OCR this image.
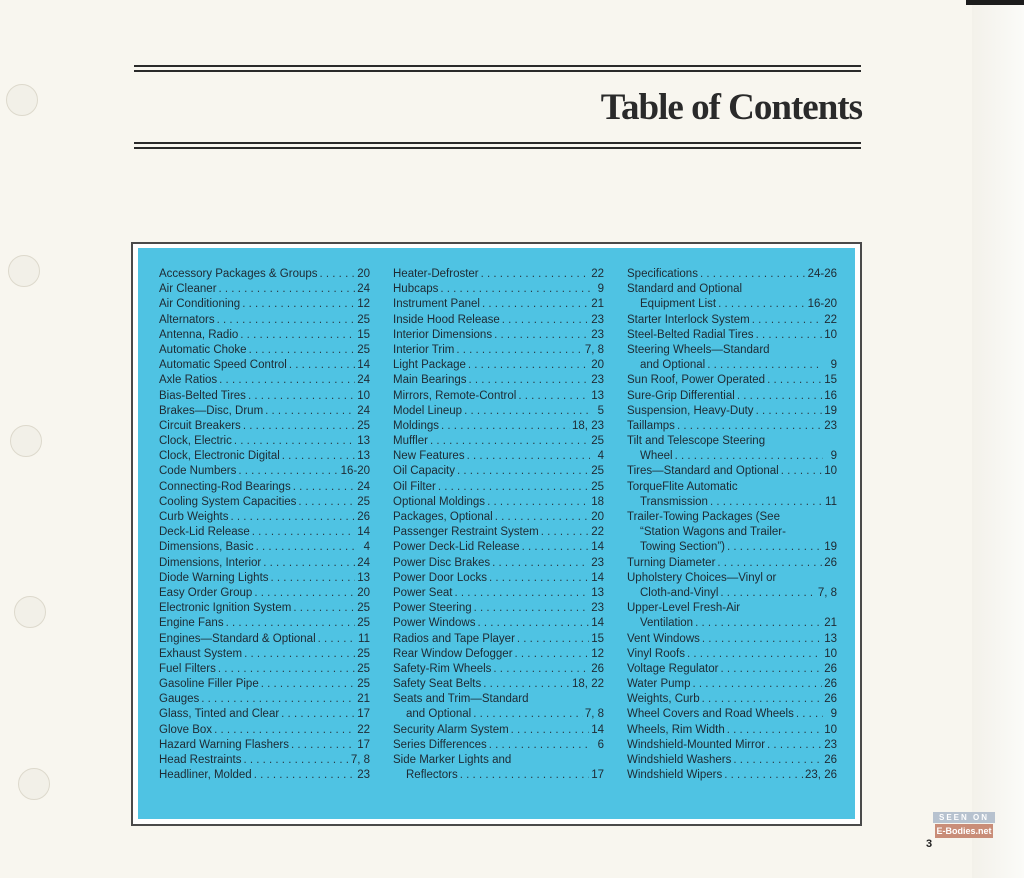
Table of Contents
Accessory Packages & Groups . . .	20
Air Cleaner . . .	24
Air Conditioning . . .	12
Alternators . . .	25
Antenna, Radio . . .	15
Automatic Choke . . .	25
Automatic Speed Control . . .	14
Axle Ratios . . .	24
Bias-Belted Tires . . .	10
Brakes—Disc, Drum . . .	24
Circuit Breakers . . .	25
Clock, Electric . . .	13
Clock, Electronic Digital . . .	13
Code Numbers . . .	16-20
Connecting-Rod Bearings . . .	24
Cooling System Capacities . . .	25
Curb Weights . . .	26
Deck-Lid Release . . .	14
Dimensions, Basic . . .	4
Dimensions, Interior . . .	24
Diode Warning Lights . . .	13
Easy Order Group . . .	20
Electronic Ignition System . . .	25
Engine Fans . . .	25
Engines—Standard & Optional . . .	11
Exhaust System . . .	25
Fuel Filters . . .	25
Gasoline Filler Pipe . . .	25
Gauges . . .	21
Glass, Tinted and Clear . . .	17
Glove Box . . .	22
Hazard Warning Flashers . . .	17
Head Restraints . . .	7, 8
Headliner, Molded . . .	23
Heater-Defroster . . .	22
Hubcaps . . .	9
Instrument Panel . . .	21
Inside Hood Release . . .	23
Interior Dimensions . . .	23
Interior Trim . . .	7, 8
Light Package . . .	20
Main Bearings . . .	23
Mirrors, Remote-Control . . .	13
Model Lineup . . .	5
Moldings . . .	18, 23
Muffler . . .	25
New Features . . .	4
Oil Capacity . . .	25
Oil Filter . . .	25
Optional Moldings . . .	18
Packages, Optional . . .	20
Passenger Restraint System . . .	22
Power Deck-Lid Release . . .	14
Power Disc Brakes . . .	23
Power Door Locks . . .	14
Power Seat . . .	13
Power Steering . . .	23
Power Windows . . .	14
Radios and Tape Player . . .	15
Rear Window Defogger . . .	12
Safety-Rim Wheels . . .	26
Safety Seat Belts . . .	18, 22
Seats and Trim—Standard
and Optional . . .	7, 8
Security Alarm System . . .	14
Series Differences . . .	6
Side Marker Lights and
Reflectors . . .	17
Specifications . . .	24-26
Standard and Optional
Equipment List . . .	16-20
Starter Interlock System . . .	22
Steel-Belted Radial Tires . . .	10
Steering Wheels—Standard
and Optional . . .	9
Sun Roof, Power Operated . . .	15
Sure-Grip Differential . . .	16
Suspension, Heavy-Duty . . .	19
Taillamps . . .	23
Tilt and Telescope Steering
Wheel . . .	9
Tires—Standard and Optional . . .	10
TorqueFlite Automatic
Transmission . . .	11
Trailer-Towing Packages (See
“Station Wagons and Trailer-
Towing Section”) . . .	19
Turning Diameter . . .	26
Upholstery Choices—Vinyl or
Cloth-and-Vinyl . . .	7, 8
Upper-Level Fresh-Air
Ventilation . . .	21
Vent Windows . . .	13
Vinyl Roofs . . .	10
Voltage Regulator . . .	26
Water Pump . . .	26
Weights, Curb . . .	26
Wheel Covers and Road Wheels . . .	9
Wheels, Rim Width . . .	10
Windshield-Mounted Mirror . . .	23
Windshield Washers . . .	26
Windshield Wipers . . .	23, 26
SEEN ON
E-Bodies.net
3
